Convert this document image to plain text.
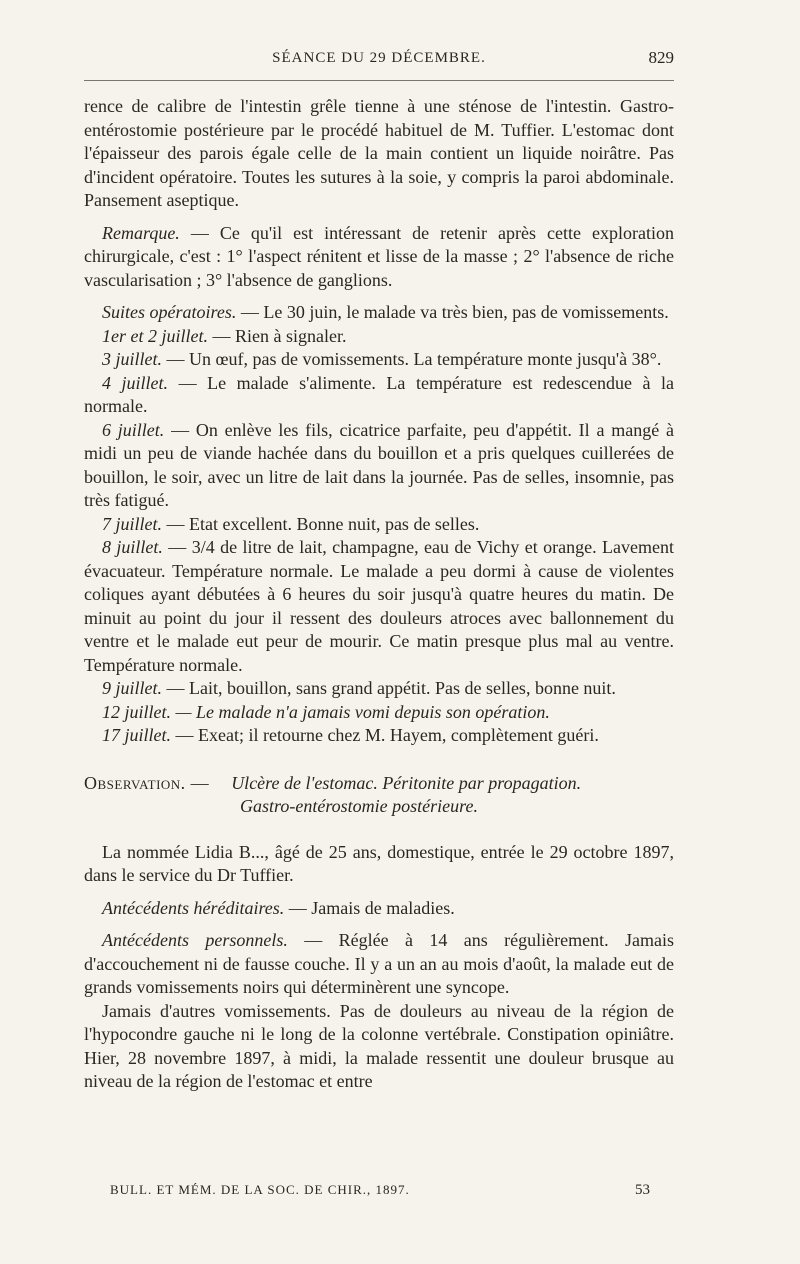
SÉANCE DU 29 DÉCEMBRE.	829

rence de calibre de l'intestin grêle tienne à une sténose de l'intestin. Gastro-entérostomie postérieure par le procédé habituel de M. Tuffier. L'estomac dont l'épaisseur des parois égale celle de la main contient un liquide noirâtre. Pas d'incident opératoire. Toutes les sutures à la soie, y compris la paroi abdominale. Pansement aseptique.

Remarque. — Ce qu'il est intéressant de retenir après cette exploration chirurgicale, c'est : 1° l'aspect rénitent et lisse de la masse ; 2° l'absence de riche vascularisation ; 3° l'absence de ganglions.

Suites opératoires. — Le 30 juin, le malade va très bien, pas de vomissements.

1er et 2 juillet. — Rien à signaler.

3 juillet. — Un œuf, pas de vomissements. La température monte jusqu'à 38°.

4 juillet. — Le malade s'alimente. La température est redescendue à la normale.

6 juillet. — On enlève les fils, cicatrice parfaite, peu d'appétit. Il a mangé à midi un peu de viande hachée dans du bouillon et a pris quelques cuillerées de bouillon, le soir, avec un litre de lait dans la journée. Pas de selles, insomnie, pas très fatigué.

7 juillet. — Etat excellent. Bonne nuit, pas de selles.

8 juillet. — 3/4 de litre de lait, champagne, eau de Vichy et orange. Lavement évacuateur. Température normale. Le malade a peu dormi à cause de violentes coliques ayant débutées à 6 heures du soir jusqu'à quatre heures du matin. De minuit au point du jour il ressent des douleurs atroces avec ballonnement du ventre et le malade eut peur de mourir. Ce matin presque plus mal au ventre. Température normale.

9 juillet. — Lait, bouillon, sans grand appétit. Pas de selles, bonne nuit.

12 juillet. — Le malade n'a jamais vomi depuis son opération.

17 juillet. — Exeat; il retourne chez M. Hayem, complètement guéri.

Observation. — Ulcère de l'estomac. Péritonite par propagation.
Gastro-entérostomie postérieure.

La nommée Lidia B..., âgé de 25 ans, domestique, entrée le 29 octobre 1897, dans le service du Dr Tuffier.

Antécédents héréditaires. — Jamais de maladies.

Antécédents personnels. — Réglée à 14 ans régulièrement. Jamais d'accouchement ni de fausse couche. Il y a un an au mois d'août, la malade eut de grands vomissements noirs qui déterminèrent une syncope.

Jamais d'autres vomissements. Pas de douleurs au niveau de la région de l'hypocondre gauche ni le long de la colonne vertébrale. Constipation opiniâtre. Hier, 28 novembre 1897, à midi, la malade ressentit une douleur brusque au niveau de la région de l'estomac et entre

BULL. ET MÉM. DE LA SOC. DE CHIR., 1897.	53
